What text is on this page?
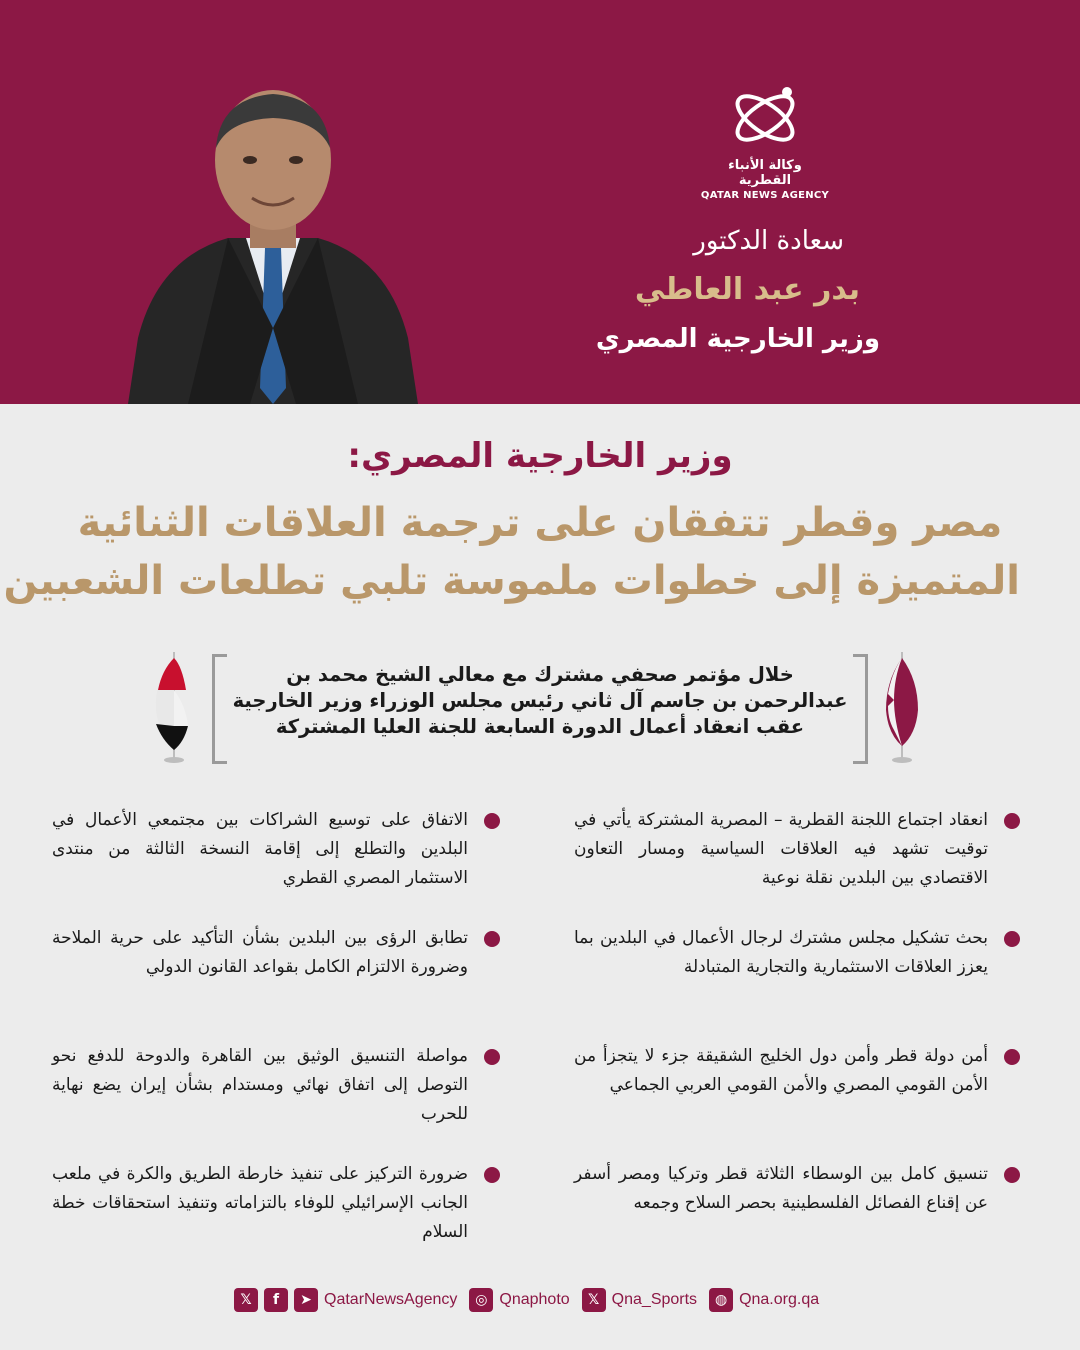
وكالة الأنباء القطرية
QATAR NEWS AGENCY
سعادة الدكتور
بدر عبد العاطي
وزير الخارجية المصري
وزير الخارجية المصري:
مصر وقطر تتفقان على ترجمة العلاقات الثنائية
المتميزة إلى خطوات ملموسة تلبي تطلعات الشعبين
خلال مؤتمر صحفي مشترك مع معالي الشيخ محمد بن
عبدالرحمن بن جاسم آل ثاني رئيس مجلس الوزراء وزير الخارجية
عقب انعقاد أعمال الدورة السابعة للجنة العليا المشتركة
انعقاد اجتماع اللجنة القطرية – المصرية المشتركة يأتي في توقيت تشهد فيه العلاقات السياسية ومسار التعاون الاقتصادي بين البلدين نقلة نوعية
بحث تشكيل مجلس مشترك لرجال الأعمال في البلدين بما يعزز العلاقات الاستثمارية والتجارية المتبادلة
أمن دولة قطر وأمن دول الخليج الشقيقة جزء لا يتجزأ من الأمن القومي المصري والأمن القومي العربي الجماعي
تنسيق كامل بين الوسطاء الثلاثة قطر وتركيا ومصر أسفر عن إقناع الفصائل الفلسطينية بحصر السلاح وجمعه
الاتفاق على توسيع الشراكات بين مجتمعي الأعمال في البلدين والتطلع إلى إقامة النسخة الثالثة من منتدى الاستثمار المصري القطري
تطابق الرؤى بين البلدين بشأن التأكيد على حرية الملاحة وضرورة الالتزام الكامل بقواعد القانون الدولي
مواصلة التنسيق الوثيق بين القاهرة والدوحة للدفع نحو التوصل إلى اتفاق نهائي ومستدام بشأن إيران يضع نهاية للحرب
ضرورة التركيز على تنفيذ خارطة الطريق والكرة في ملعب الجانب الإسرائيلي للوفاء بالتزاماته وتنفيذ استحقاقات خطة السلام
𝕏	f	➤ QatarNewsAgency	◎ Qnaphoto	𝕏 Qna_Sports	◍ Qna.org.qa
